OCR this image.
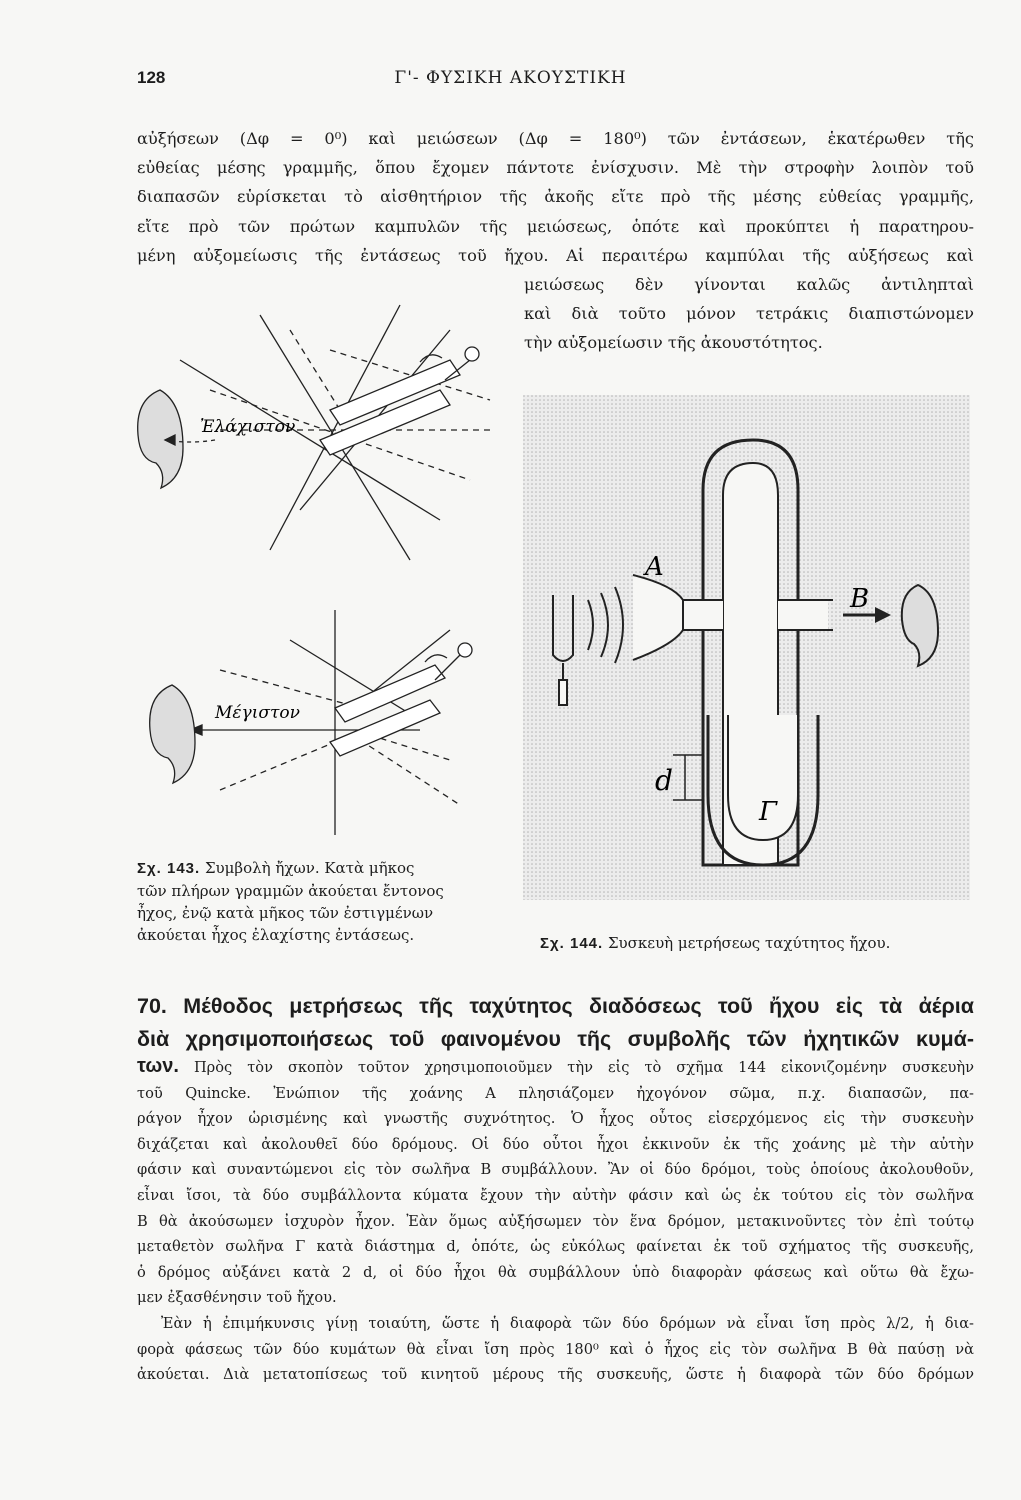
128	Γ'- ΦΥΣΙΚΗ ΑΚΟΥΣΤΙΚΗ
αὐξήσεων (Δφ = 0⁰) καὶ μειώσεων (Δφ = 180⁰) τῶν ἐντάσεων, ἑκατέρωθεν τῆς
εὐθείας μέσης γραμμῆς, ὅπου ἔχομεν πάντοτε ἐνίσχυσιν. Μὲ τὴν στροφὴν λοιπὸν τοῦ
διαπασῶν εὑρίσκεται τὸ αἰσθητήριον τῆς ἀκοῆς εἴτε πρὸ τῆς μέσης εὐθείας γραμμῆς,
εἴτε πρὸ τῶν πρώτων καμπυλῶν τῆς μειώσεως, ὁπότε καὶ προκύπτει ἡ παρατηρου-
μένη αὐξομείωσις τῆς ἐντάσεως τοῦ ἤχου. Αἱ περαιτέρω καμπύλαι τῆς αὐξήσεως καὶ
μειώσεως δὲν γίνονται καλῶς ἀντιληπταὶ
καὶ διὰ τοῦτο μόνον τετράκις διαπιστώνομεν
τὴν αὐξομείωσιν τῆς ἀκουστότητος.
Ἐλάχιστον
Μέγιστον
Σχ. 143. Συμβολὴ ἤχων. Κατὰ μῆκος
τῶν πλήρων γραμμῶν ἀκούεται ἔντονος
ἦχος, ἐνῷ κατὰ μῆκος τῶν ἐστιγμένων
ἀκούεται ἦχος ἐλαχίστης ἐντάσεως.
A
B
d
Γ
Σχ. 144. Συσκευὴ μετρήσεως ταχύτητος ἤχου.
70. Μέθοδος μετρήσεως τῆς ταχύτητος διαδόσεως τοῦ ἤχου εἰς τὰ ἀέρια
διὰ χρησιμοποιήσεως τοῦ φαινομένου τῆς συμβολῆς τῶν ἠχητικῶν κυμά-
των. Πρὸς τὸν σκοπὸν τοῦτον χρησιμοποιοῦμεν τὴν εἰς τὸ σχῆμα 144 εἰκονιζομένην συσκευὴν
τοῦ Quincke. Ἐνώπιον τῆς χοάνης Α πλησιάζομεν ἠχογόνον σῶμα, π.χ. διαπασῶν, πα-
ράγον ἦχον ὡρισμένης καὶ γνωστῆς συχνότητος. Ὁ ἦχος οὗτος εἰσερχόμενος εἰς τὴν συσκευὴν
διχάζεται καὶ ἀκολουθεῖ δύο δρόμους. Οἱ δύο οὗτοι ἦχοι ἐκκινοῦν ἐκ τῆς χοάνης μὲ τὴν αὐτὴν
φάσιν καὶ συναντώμενοι εἰς τὸν σωλῆνα Β συμβάλλουν. Ἂν οἱ δύο δρόμοι, τοὺς ὁποίους ἀκολουθοῦν,
εἶναι ἴσοι, τὰ δύο συμβάλλοντα κύματα ἔχουν τὴν αὐτὴν φάσιν καὶ ὡς ἐκ τούτου εἰς τὸν σωλῆνα
Β θὰ ἀκούσωμεν ἰσχυρὸν ἦχον. Ἐὰν ὅμως αὐξήσωμεν τὸν ἕνα δρόμον, μετακινοῦντες τὸν ἐπὶ τούτῳ
μεταθετὸν σωλῆνα Γ κατὰ διάστημα d, ὁπότε, ὡς εὐκόλως φαίνεται ἐκ τοῦ σχήματος τῆς συσκευῆς,
ὁ δρόμος αὐξάνει κατὰ 2 d, οἱ δύο ἦχοι θὰ συμβάλλουν ὑπὸ διαφορὰν φάσεως καὶ οὕτω θὰ ἔχω-
μεν ἐξασθένησιν τοῦ ἤχου.
Ἐὰν ἡ ἐπιμήκυνσις γίνῃ τοιαύτη, ὥστε ἡ διαφορὰ τῶν δύο δρόμων νὰ εἶναι ἴση πρὸς λ/2, ἡ δια-
φορὰ φάσεως τῶν δύο κυμάτων θὰ εἶναι ἴση πρὸς 180⁰ καὶ ὁ ἦχος εἰς τὸν σωλῆνα Β θὰ παύσῃ νὰ
ἀκούεται. Διὰ μετατοπίσεως τοῦ κινητοῦ μέρους τῆς συσκευῆς, ὥστε ἡ διαφορὰ τῶν δύο δρόμων
